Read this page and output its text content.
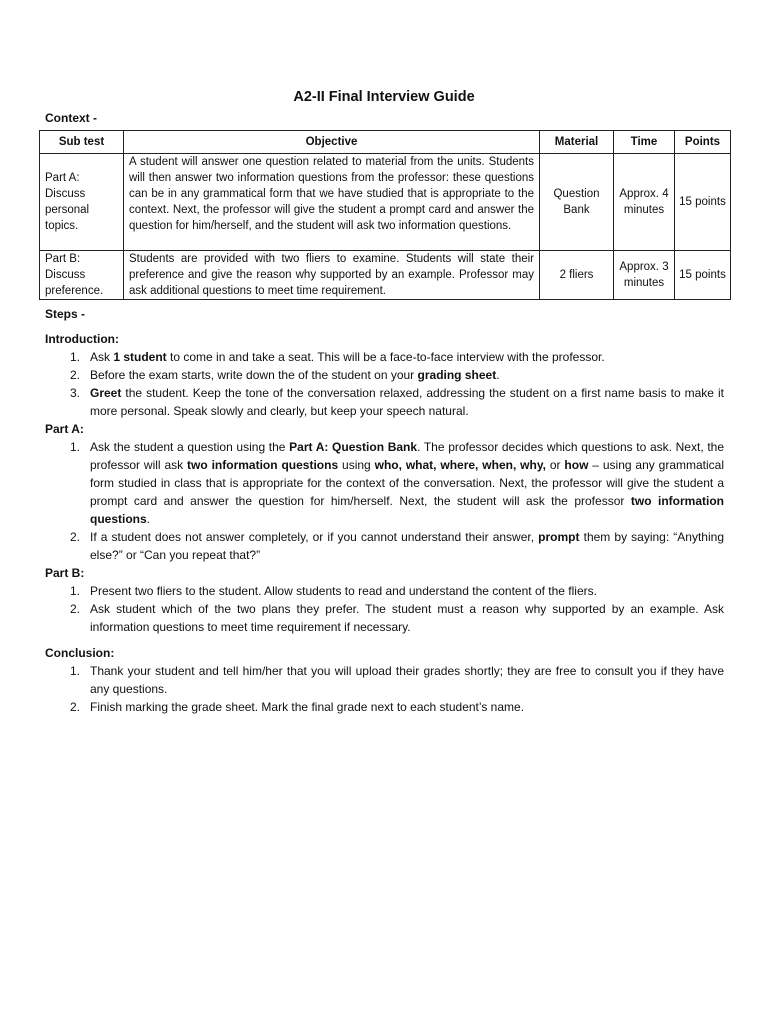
A2-II Final Interview Guide
Context -
Sub test	Objective	Material	Time	Points
Part A: Discuss personal topics.	A student will answer one question related to material from the units. Students will then answer two information questions from the professor: these questions can be in any grammatical form that we have studied that is appropriate to the context. Next, the professor will give the student a prompt card and answer the question for him/herself, and the student will ask two information questions.	Question Bank	Approx. 4 minutes	15 points
Part B: Discuss preference.	Students are provided with two fliers to examine. Students will state their preference and give the reason why supported by an example. Professor may ask additional questions to meet time requirement.	2 fliers	Approx. 3 minutes	15 points
Steps -

Introduction:

1. Ask 1 student to come in and take a seat. This will be a face-to-face interview with the professor.
2. Before the exam starts, write down the of the student on your grading sheet.
3. Greet the student. Keep the tone of the conversation relaxed, addressing the student on a first name basis to make it more personal. Speak slowly and clearly, but keep your speech natural.

Part A:

1. Ask the student a question using the Part A: Question Bank. The professor decides which questions to ask. Next, the professor will ask two information questions using who, what, where, when, why, or how – using any grammatical form studied in class that is appropriate for the context of the conversation. Next, the professor will give the student a prompt card and answer the question for him/herself. Next, the student will ask the professor two information questions.
2. If a student does not answer completely, or if you cannot understand their answer, prompt them by saying: “Anything else?” or “Can you repeat that?”

Part B:

1. Present two fliers to the student. Allow students to read and understand the content of the fliers.
2. Ask student which of the two plans they prefer. The student must a reason why supported by an example. Ask information questions to meet time requirement if necessary.

Conclusion:

1. Thank your student and tell him/her that you will upload their grades shortly; they are free to consult you if they have any questions.
2. Finish marking the grade sheet. Mark the final grade next to each student’s name.
